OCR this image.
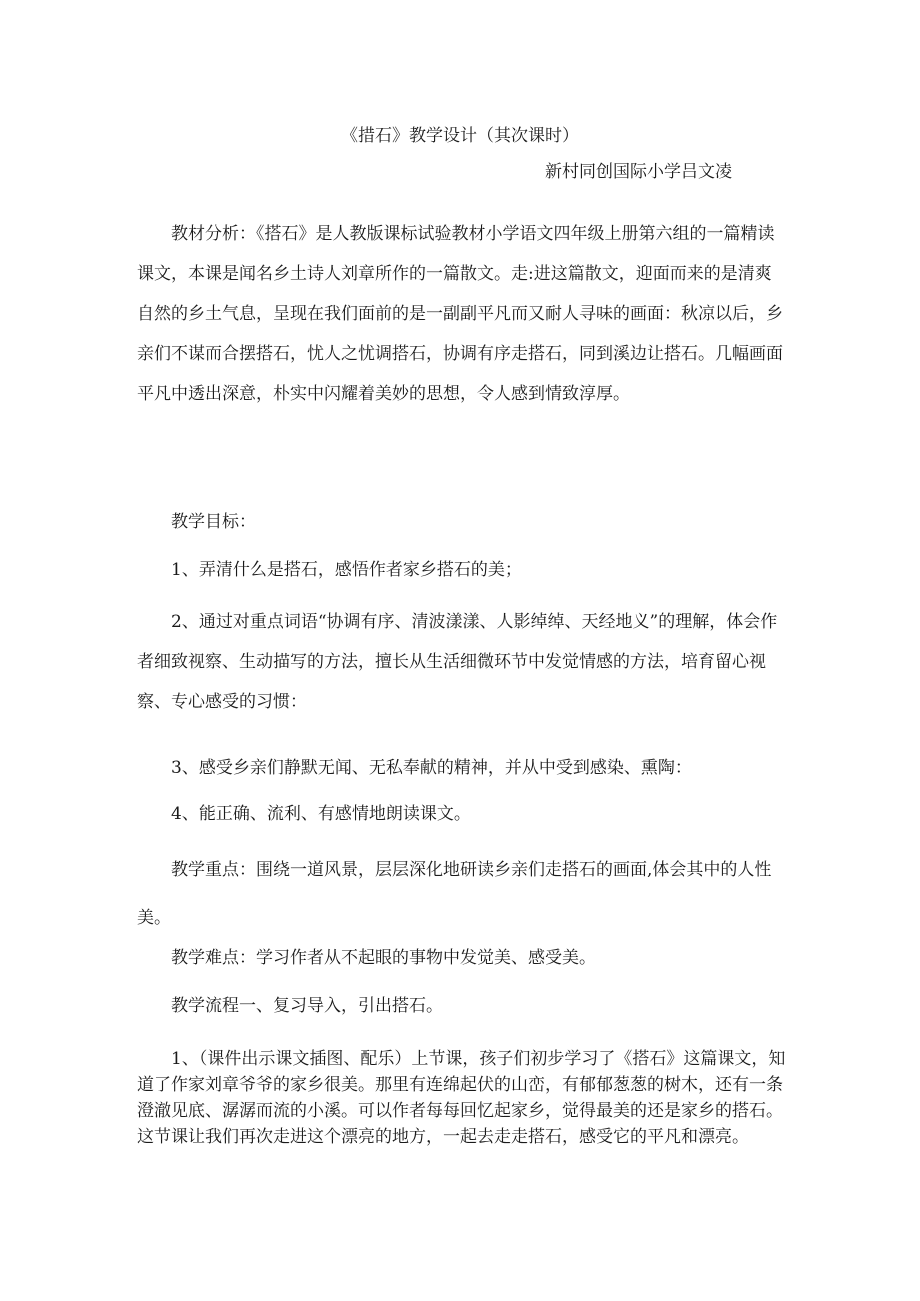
《措石》教学设计（其次课时）
新村同创国际小学吕文凌

教材分析：《搭石》是人教版课标试验教材小学语文四年级上册第六组的一篇精读课文，本课是闻名乡土诗人刘章所作的一篇散文。走:进这篇散文，迎面而来的是清爽自然的乡土气息，呈现在我们面前的是一副副平凡而又耐人寻味的画面：秋凉以后，乡亲们不谋而合摆搭石，忧人之忧调搭石，协调有序走搭石，同到溪边让搭石。几幅画面平凡中透出深意，朴实中闪耀着美妙的思想，令人感到情致淳厚。

教学目标：

1、弄清什么是搭石，感悟作者家乡搭石的美；

2、通过对重点词语“协调有序、清波漾漾、人影绰绰、天经地义”的理解，体会作者细致视察、生动描写的方法，擅长从生活细微环节中发觉情感的方法，培育留心视察、专心感受的习惯：

3、感受乡亲们静默无闻、无私奉献的精神，并从中受到感染、熏陶：

4、能正确、流利、有感情地朗读课文。

教学重点：围绕一道风景，层层深化地研读乡亲们走搭石的画面,体会其中的人性美。

教学难点：学习作者从不起眼的事物中发觉美、感受美。

教学流程一、复习导入，引出搭石。

1、（课件出示课文插图、配乐）上节课，孩子们初步学习了《搭石》这篇课文，知道了作家刘章爷爷的家乡很美。那里有连绵起伏的山峦，有郁郁葱葱的树木，还有一条澄澈见底、潺潺而流的小溪。可以作者每每回忆起家乡，觉得最美的还是家乡的搭石。这节课让我们再次走进这个漂亮的地方，一起去走走搭石，感受它的平凡和漂亮。
